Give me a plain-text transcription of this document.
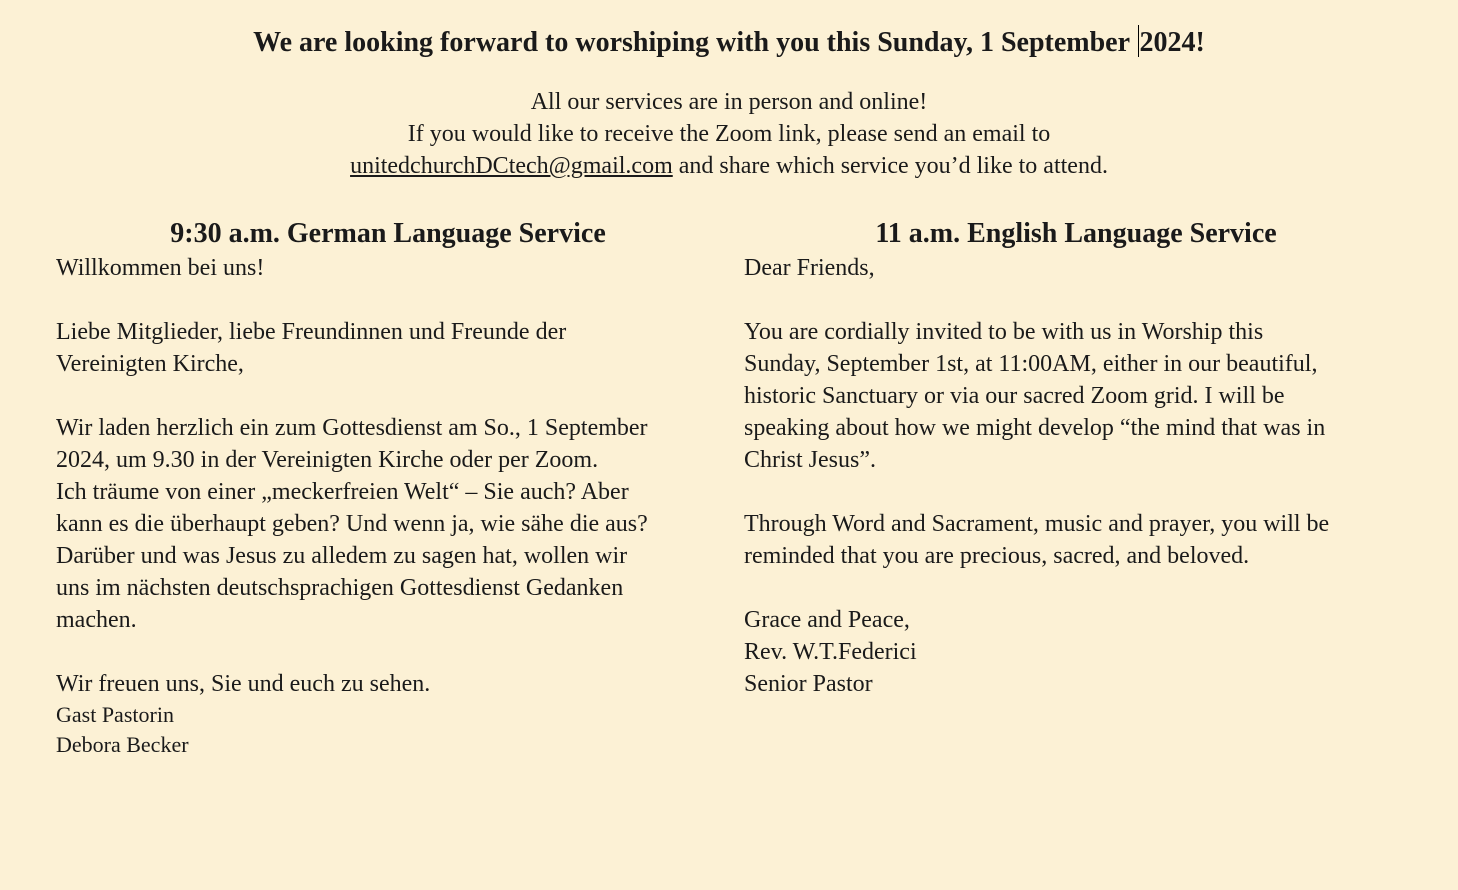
We are looking forward to worshiping with you this Sunday, 1 September 2024!
All our services are in person and online!
If you would like to receive the Zoom link, please send an email to
unitedchurchDCtech@gmail.com and share which service you’d like to attend.
9:30 a.m. German Language Service

Willkommen bei uns!

Liebe Mitglieder, liebe Freundinnen und Freunde der
Vereinigten Kirche,

Wir laden herzlich ein zum Gottesdienst am So., 1 September
2024, um 9.30 in der Vereinigten Kirche oder per Zoom.
Ich träume von einer „meckerfreien Welt“ – Sie auch? Aber
kann es die überhaupt geben? Und wenn ja, wie sähe die aus?
Darüber und was Jesus zu alledem zu sagen hat, wollen wir
uns im nächsten deutschsprachigen Gottesdienst Gedanken
machen.

Wir freuen uns, Sie und euch zu sehen.

Gast Pastorin

Debora Becker

11 a.m. English Language Service

Dear Friends,

You are cordially invited to be with us in Worship this
Sunday, September 1st, at 11:00AM, either in our beautiful,
historic Sanctuary or via our sacred Zoom grid. I will be
speaking about how we might develop “the mind that was in
Christ Jesus”.

Through Word and Sacrament, music and prayer, you will be
reminded that you are precious, sacred, and beloved.

Grace and Peace,

Rev. W.T.Federici

Senior Pastor
